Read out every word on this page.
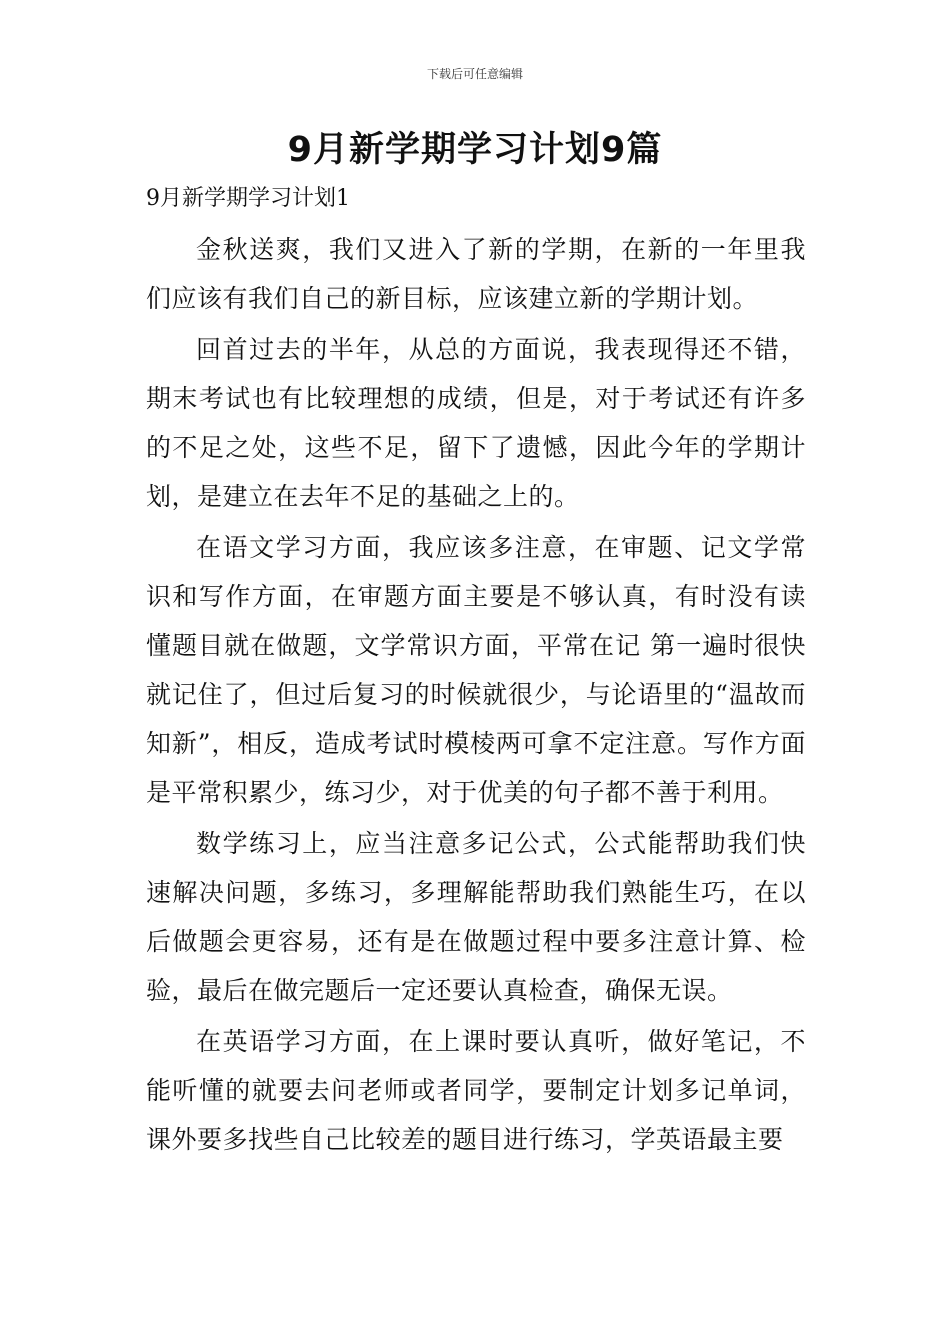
下载后可任意编辑
9月新学期学习计划9篇
9月新学期学习计划1

金秋送爽，我们又进入了新的学期，在新的一年里我们应该有我们自己的新目标，应该建立新的学期计划。

回首过去的半年，从总的方面说，我表现得还不错，期末考试也有比较理想的成绩，但是，对于考试还有许多的不足之处，这些不足，留下了遗憾，因此今年的学期计划，是建立在去年不足的基础之上的。

在语文学习方面，我应该多注意，在审题、记文学常识和写作方面，在审题方面主要是不够认真，有时没有读懂题目就在做题，文学常识方面，平常在记 第一遍时很快就记住了，但过后复习的时候就很少，与论语里的“温故而知新”，相反，造成考试时模棱两可拿不定注意。写作方面是平常积累少，练习少，对于优美的句子都不善于利用。

数学练习上，应当注意多记公式，公式能帮助我们快速解决问题，多练习，多理解能帮助我们熟能生巧，在以后做题会更容易，还有是在做题过程中要多注意计算、检验，最后在做完题后一定还要认真检查，确保无误。

在英语学习方面，在上课时要认真听，做好笔记，不能听懂的就要去问老师或者同学，要制定计划多记单词，课外要多找些自己比较差的题目进行练习，学英语最主要
